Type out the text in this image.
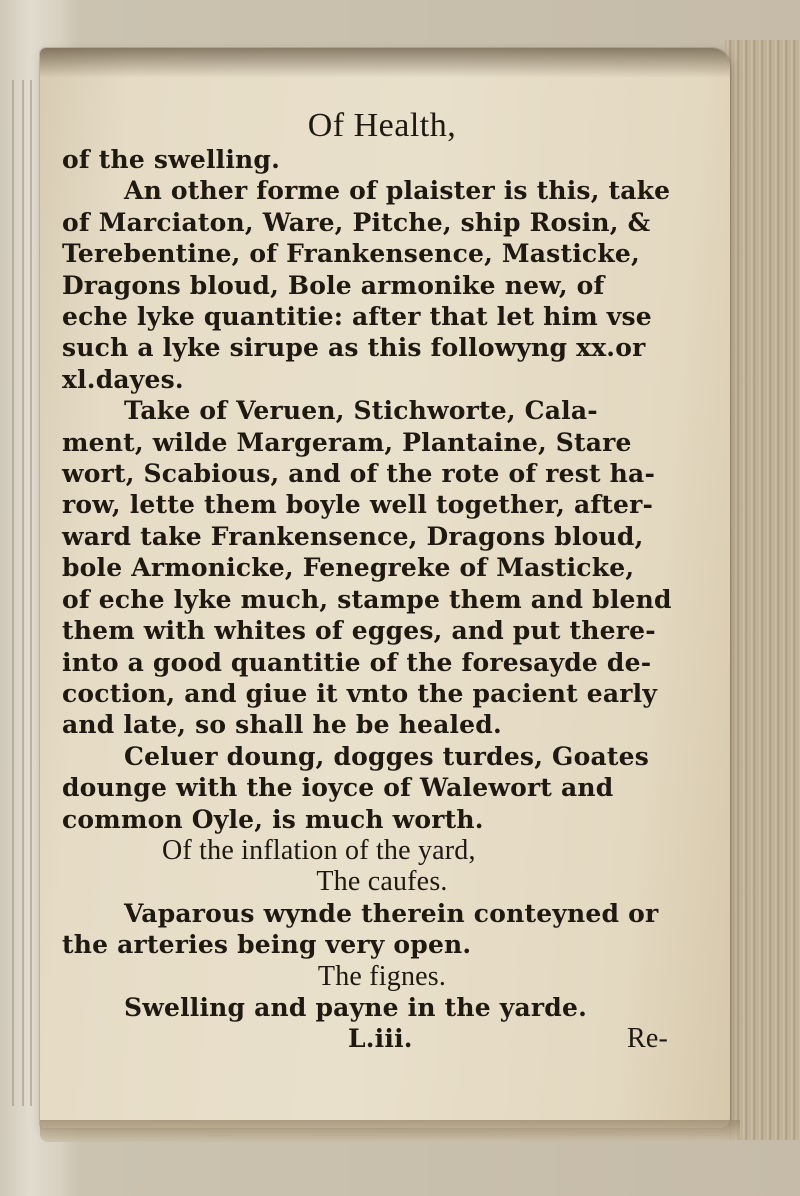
Of Health,
of the swelling.
An other forme of plaister is this, take
of Marciaton, Ware, Pitche, ship Rosin, &
Terebentine, of Frankensence, Masticke,
Dragons bloud, Bole armonike new, of
eche lyke quantitie: after that let him vse
such a lyke sirupe as this followyng xx.or
xl.dayes.
Take of Veruen, Stichworte, Cala-
ment, wilde Margeram, Plantaine, Stare
wort, Scabious, and of the rote of rest ha-
row, lette them boyle well together, after-
ward take Frankensence, Dragons bloud,
bole Armonicke, Fenegreke of Masticke,
of eche lyke much, stampe them and blend
them with whites of egges, and put there-
into a good quantitie of the foresayde de-
coction, and giue it vnto the pacient early
and late, so shall he be healed.
Celuer doung, dogges turdes, Goates
dounge with the ioyce of Walewort and
common Oyle, is much worth.
Of the inflation of the yard,
The caufes.
Vaparous wynde therein conteyned or
the arteries being very open.
The fignes.
Swelling and payne in the yarde.
L.iii.	Re-
